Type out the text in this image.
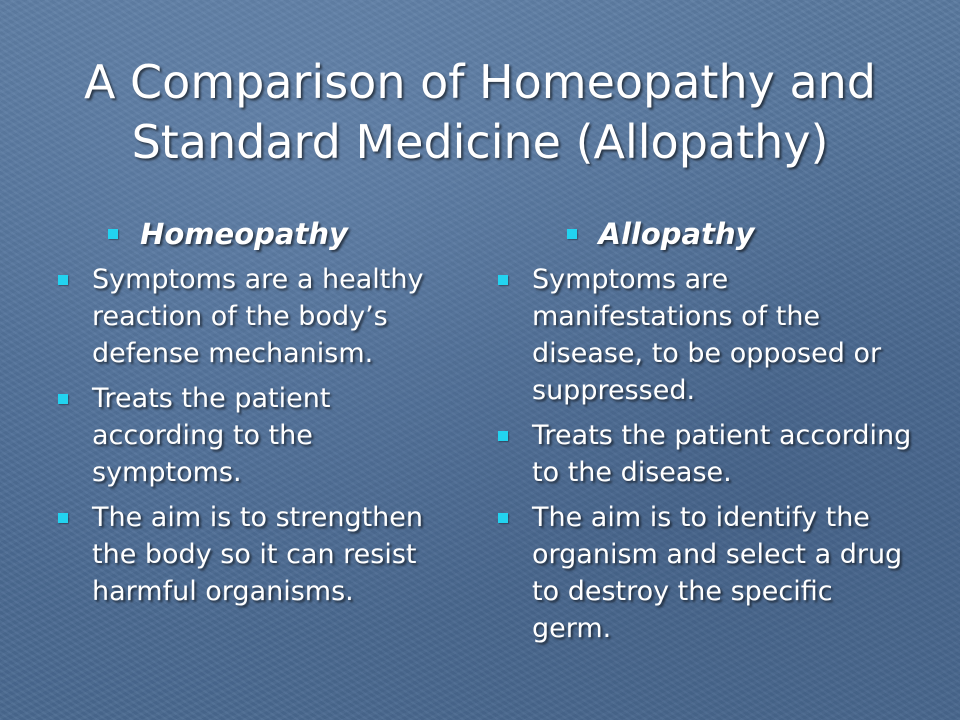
A Comparison of Homeopathy and
Standard Medicine (Allopathy)
Homeopathy
Symptoms are a healthy reaction of the body’s defense mechanism.
Treats the patient according to the symptoms.
The aim is to strengthen the body so it can resist harmful organisms.
Allopathy
Symptoms are manifestations of the disease, to be opposed or suppressed.
Treats the patient according to the disease.
The aim is to identify the organism and select a drug to destroy the specific germ.
